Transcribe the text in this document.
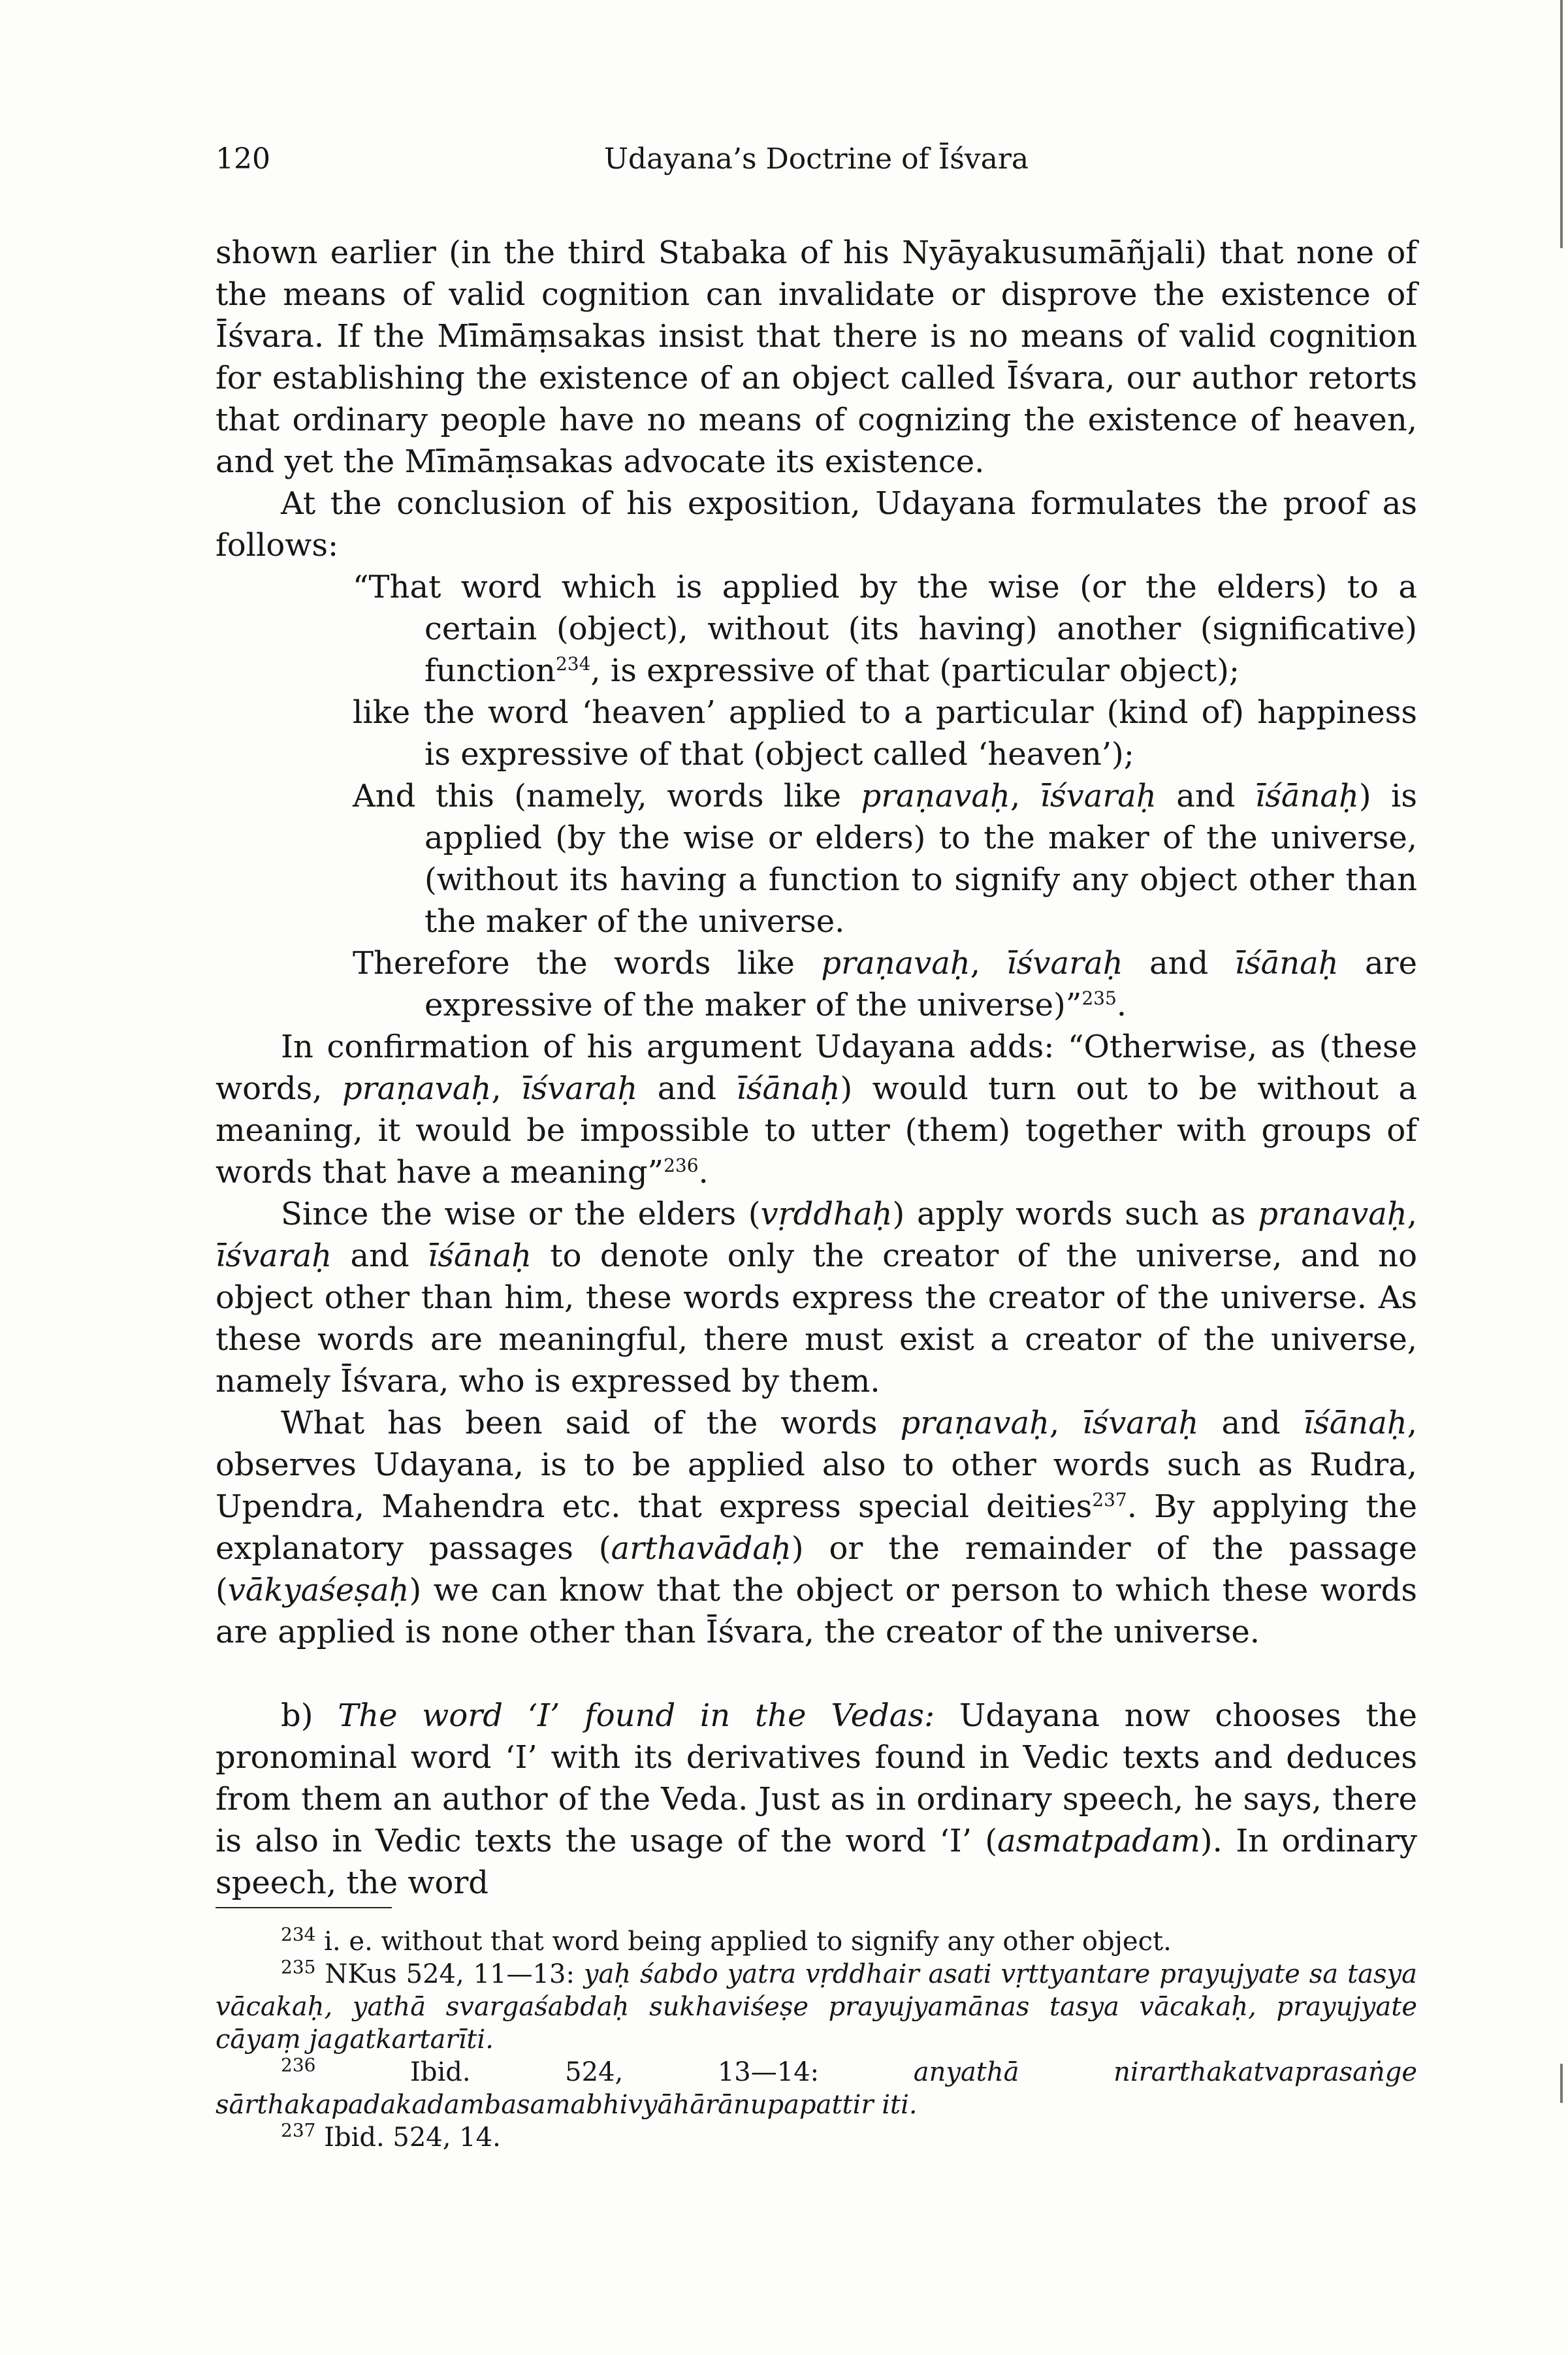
120	Udayana’s Doctrine of Īśvara

shown earlier (in the third Stabaka of his Nyāyakusumāñjali) that none of the means of valid cognition can invalidate or disprove the existence of Īśvara. If the Mīmāṃsakas insist that there is no means of valid cognition for establishing the existence of an object called Īśvara, our author retorts that ordinary people have no means of cognizing the existence of heaven, and yet the Mīmāṃsakas advocate its existence.

At the conclusion of his exposition, Udayana formulates the proof as follows:

“That word which is applied by the wise (or the elders) to a certain (object), without (its having) another (significative) function$^{234}$, is expressive of that (particular object);

like the word ‘heaven’ applied to a particular (kind of) happiness is expressive of that (object called ‘heaven’);

And this (namely, words like praṇavaḥ, īśvaraḥ and īśānaḥ) is applied (by the wise or elders) to the maker of the universe, (without its having a function to signify any object other than the maker of the universe.

Therefore the words like praṇavaḥ, īśvaraḥ and īśānaḥ are expressive of the maker of the universe)”$^{235}$.

In confirmation of his argument Udayana adds: “Otherwise, as (these words, praṇavaḥ, īśvaraḥ and īśānaḥ) would turn out to be without a meaning, it would be impossible to utter (them) together with groups of words that have a meaning”$^{236}$.

Since the wise or the elders (vṛddhaḥ) apply words such as pranavaḥ, īśvaraḥ and īśānaḥ to denote only the creator of the universe, and no object other than him, these words express the creator of the universe. As these words are meaningful, there must exist a creator of the universe, namely Īśvara, who is expressed by them.

What has been said of the words praṇavaḥ, īśvaraḥ and īśānaḥ, observes Udayana, is to be applied also to other words such as Rudra, Upendra, Mahendra etc. that express special deities$^{237}$. By applying the explanatory passages (arthavādaḥ) or the remainder of the passage (vākyaśeṣaḥ) we can know that the object or person to which these words are applied is none other than Īśvara, the creator of the universe.

b) The word ‘I’ found in the Vedas: Udayana now chooses the pronominal word ‘I’ with its derivatives found in Vedic texts and deduces from them an author of the Veda. Just as in ordinary speech, he says, there is also in Vedic texts the usage of the word ‘I’ (asmatpadam). In ordinary speech, the word

$^{234}$ i. e. without that word being applied to signify any other object.

$^{235}$ NKus 524, 11—13: yaḥ śabdo yatra vṛddhair asati vṛttyantare prayujyate sa tasya vācakaḥ, yathā svargaśabdaḥ sukhaviśeṣe prayujyamānas tasya vācakaḥ, prayujyate cāyaṃ jagatkartarīti.

$^{236}$ Ibid. 524, 13—14: anyathā nirarthakatvaprasaṅge sārthakapadakadambasamabhivyāhārānupapattir iti.

$^{237}$ Ibid. 524, 14.
